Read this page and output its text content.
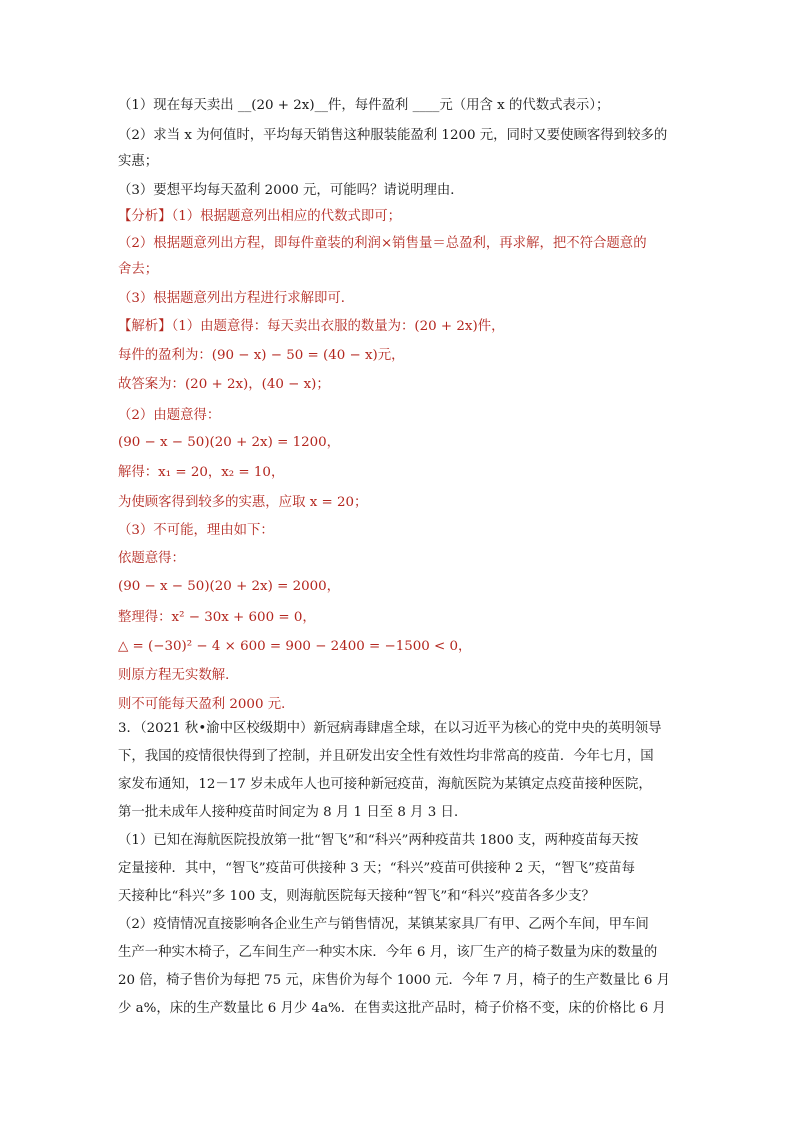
（1）现在每天卖出 __(20 + 2x)__件，每件盈利 ____元（用含 x 的代数式表示）；

（2）求当 x 为何值时，平均每天销售这种服装能盈利 1200 元，同时又要使顾客得到较多的

实惠；

（3）要想平均每天盈利 2000 元，可能吗？请说明理由．

【分析】（1）根据题意列出相应的代数式即可；

（2）根据题意列出方程，即每件童装的利润×销售量＝总盈利，再求解，把不符合题意的

舍去；

（3）根据题意列出方程进行求解即可．

【解析】（1）由题意得：每天卖出衣服的数量为：(20 + 2x)件，

每件的盈利为：(90 − x) − 50 = (40 − x)元，

故答案为：(20 + 2x)，(40 − x)；

（2）由题意得：

(90 − x − 50)(20 + 2x) = 1200，

解得：x₁ = 20，x₂ = 10，

为使顾客得到较多的实惠，应取 x = 20；

（3）不可能，理由如下：

依题意得：

(90 − x − 50)(20 + 2x) = 2000，

整理得：x² − 30x + 600 = 0，

△ = (−30)² − 4 × 600 = 900 − 2400 = −1500 < 0，

则原方程无实数解．

则不可能每天盈利 2000 元．

3．（2021 秋•渝中区校级期中）新冠病毒肆虐全球，在以习近平为核心的党中央的英明领导

下，我国的疫情很快得到了控制，并且研发出安全性有效性均非常高的疫苗．今年七月，国

家发布通知，12－17 岁未成年人也可接种新冠疫苗，海航医院为某镇定点疫苗接种医院，

第一批未成年人接种疫苗时间定为 8 月 1 日至 8 月 3 日．

（1）已知在海航医院投放第一批“智飞”和“科兴”两种疫苗共 1800 支，两种疫苗每天按

定量接种．其中，“智飞”疫苗可供接种 3 天；“科兴”疫苗可供接种 2 天，“智飞”疫苗每

天接种比“科兴”多 100 支，则海航医院每天接种“智飞”和“科兴”疫苗各多少支？

（2）疫情情况直接影响各企业生产与销售情况，某镇某家具厂有甲、乙两个车间，甲车间

生产一种实木椅子，乙车间生产一种实木床．今年 6 月，该厂生产的椅子数量为床的数量的

20 倍，椅子售价为每把 75 元，床售价为每个 1000 元．今年 7 月，椅子的生产数量比 6 月

少 a%，床的生产数量比 6 月少 4a%．在售卖这批产品时，椅子价格不变，床的价格比 6 月
